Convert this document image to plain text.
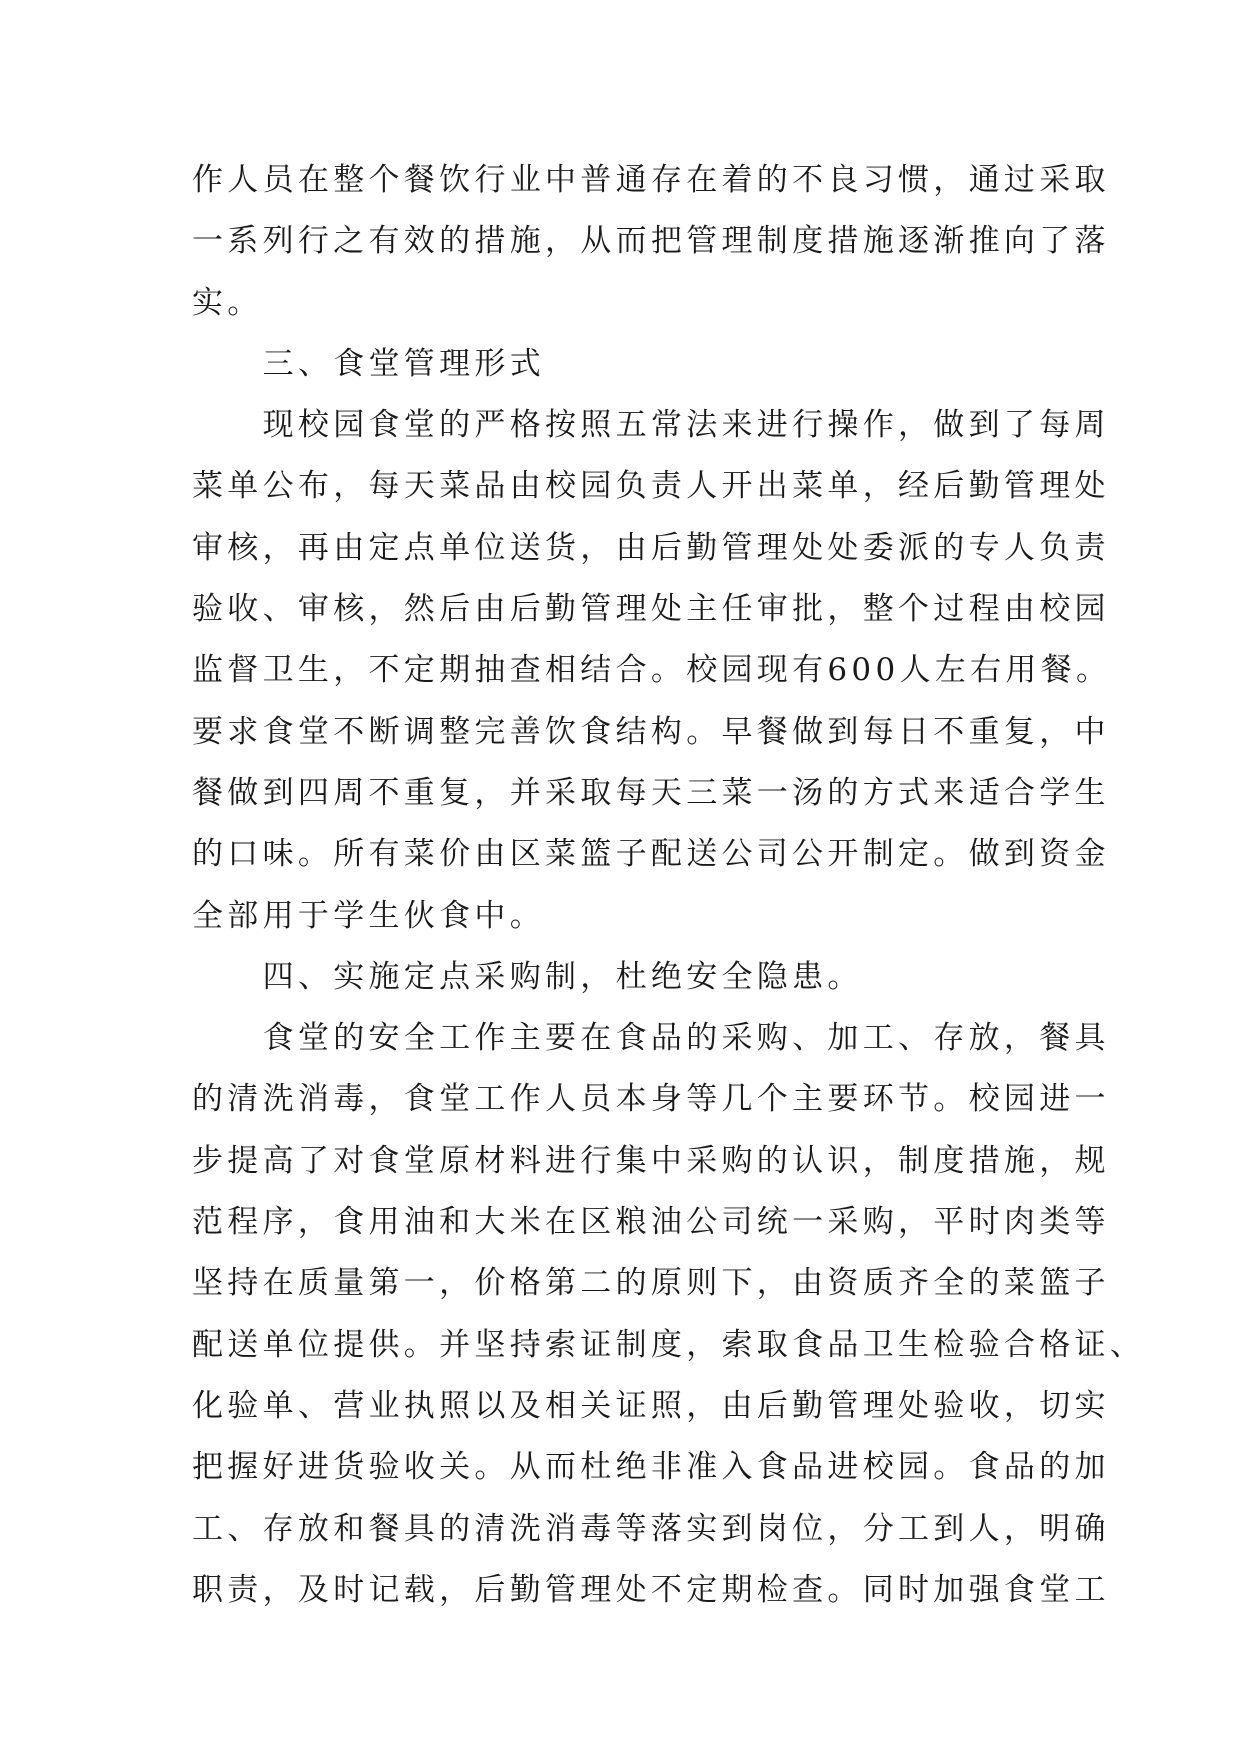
作人员在整个餐饮行业中普通存在着的不良习惯，通过采取
一系列行之有效的措施，从而把管理制度措施逐渐推向了落
实。
　　三、食堂管理形式
　　现校园食堂的严格按照五常法来进行操作，做到了每周
菜单公布，每天菜品由校园负责人开出菜单，经后勤管理处
审核，再由定点单位送货，由后勤管理处处委派的专人负责
验收、审核，然后由后勤管理处主任审批，整个过程由校园
监督卫生，不定期抽查相结合。校园现有600人左右用餐。
要求食堂不断调整完善饮食结构。早餐做到每日不重复，中
餐做到四周不重复，并采取每天三菜一汤的方式来适合学生
的口味。所有菜价由区菜篮子配送公司公开制定。做到资金
全部用于学生伙食中。
　　四、实施定点采购制，杜绝安全隐患。
　　食堂的安全工作主要在食品的采购、加工、存放，餐具
的清洗消毒，食堂工作人员本身等几个主要环节。校园进一
步提高了对食堂原材料进行集中采购的认识，制度措施，规
范程序，食用油和大米在区粮油公司统一采购，平时肉类等
坚持在质量第一，价格第二的原则下，由资质齐全的菜篮子
配送单位提供。并坚持索证制度，索取食品卫生检验合格证、
化验单、营业执照以及相关证照，由后勤管理处验收，切实
把握好进货验收关。从而杜绝非准入食品进校园。食品的加
工、存放和餐具的清洗消毒等落实到岗位，分工到人，明确
职责，及时记载，后勤管理处不定期检查。同时加强食堂工
